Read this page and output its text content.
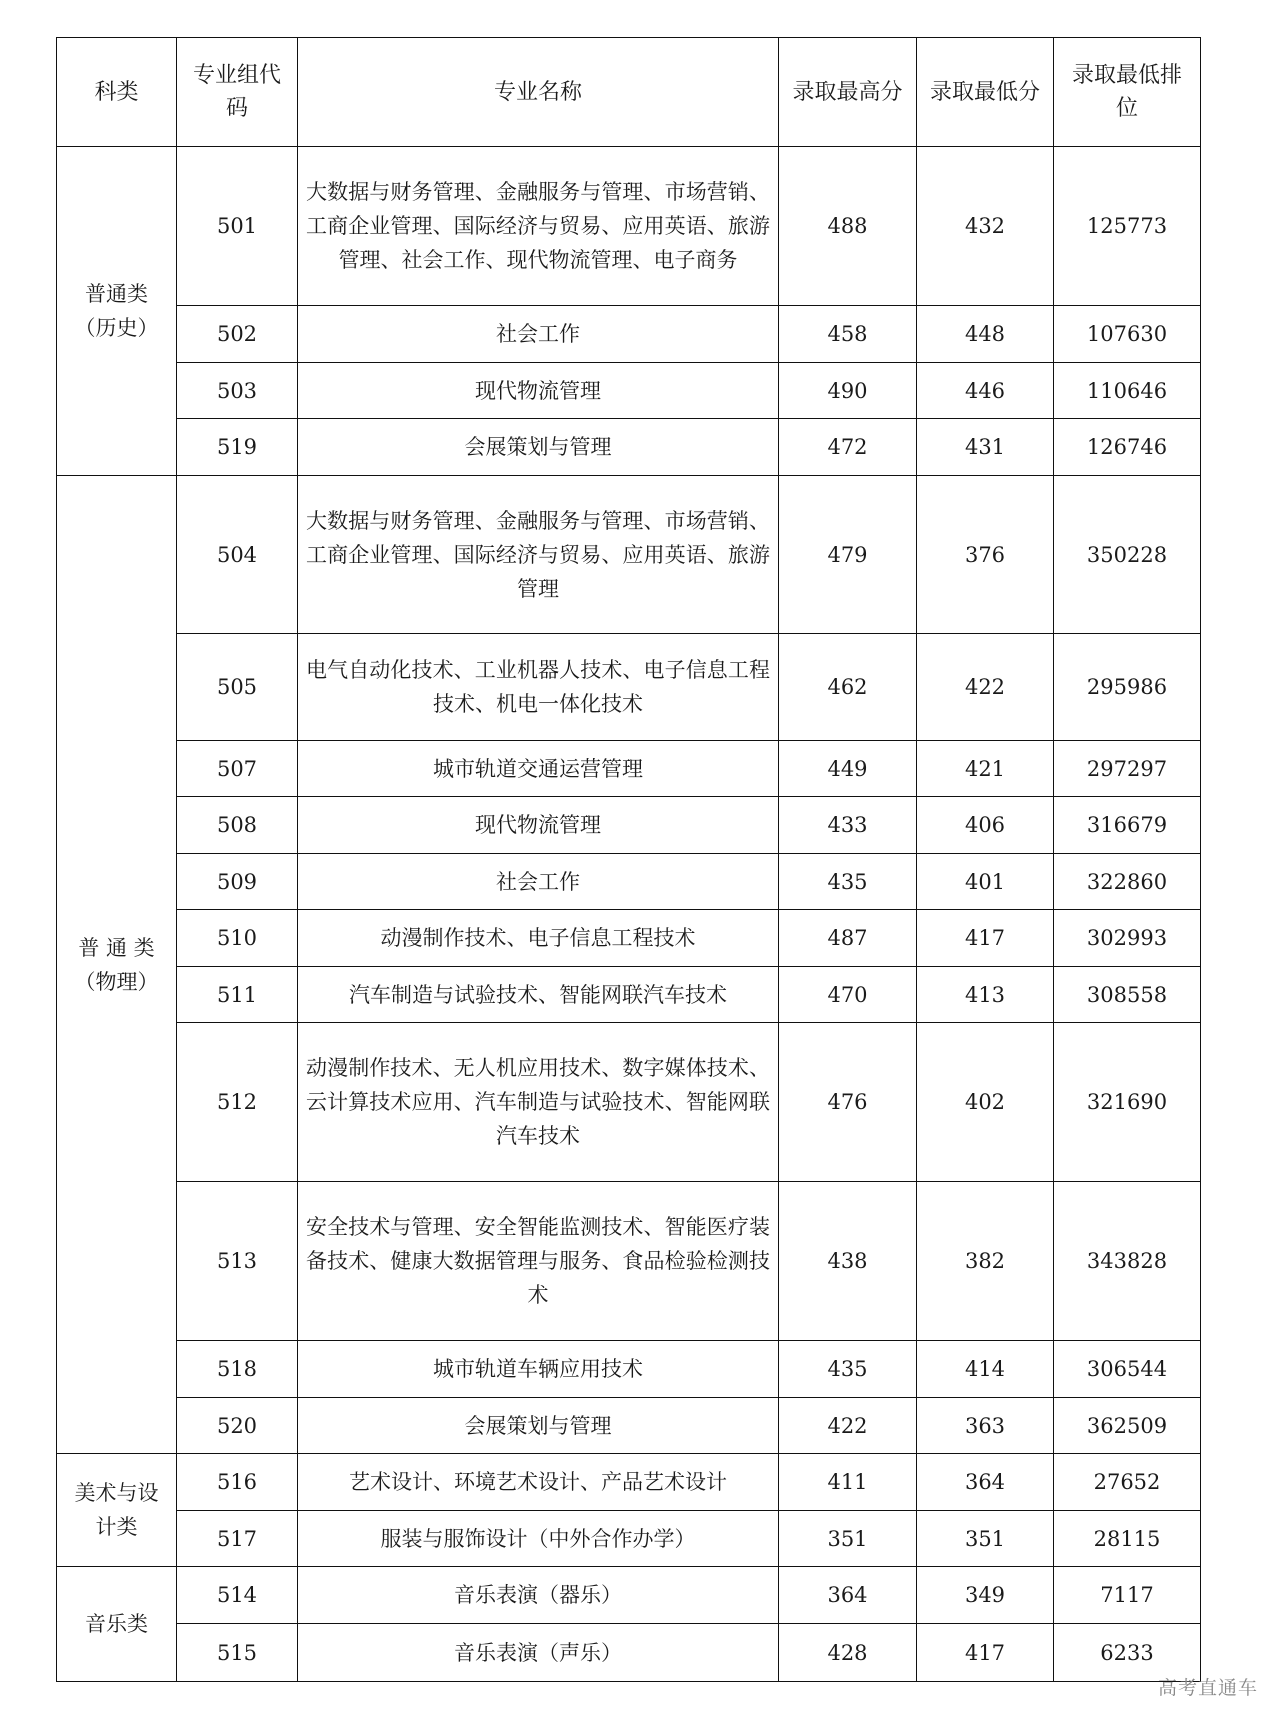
科类	专业组代码	专业名称	录取最高分	录取最低分	录取最低排位
普通类（历史）	501	大数据与财务管理、金融服务与管理、市场营销、工商企业管理、国际经济与贸易、应用英语、旅游管理、社会工作、现代物流管理、电子商务	488	432	125773
	502	社会工作	458	448	107630
	503	现代物流管理	490	446	110646
	519	会展策划与管理	472	431	126746
普 通 类（物理）	504	大数据与财务管理、金融服务与管理、市场营销、工商企业管理、国际经济与贸易、应用英语、旅游管理	479	376	350228
	505	电气自动化技术、工业机器人技术、电子信息工程技术、机电一体化技术	462	422	295986
	507	城市轨道交通运营管理	449	421	297297
	508	现代物流管理	433	406	316679
	509	社会工作	435	401	322860
	510	动漫制作技术、电子信息工程技术	487	417	302993
	511	汽车制造与试验技术、智能网联汽车技术	470	413	308558
	512	动漫制作技术、无人机应用技术、数字媒体技术、云计算技术应用、汽车制造与试验技术、智能网联汽车技术	476	402	321690
	513	安全技术与管理、安全智能监测技术、智能医疗装备技术、健康大数据管理与服务、食品检验检测技术	438	382	343828
	518	城市轨道车辆应用技术	435	414	306544
	520	会展策划与管理	422	363	362509
美术与设计类	516	艺术设计、环境艺术设计、产品艺术设计	411	364	27652
	517	服装与服饰设计（中外合作办学）	351	351	28115
音乐类	514	音乐表演（器乐）	364	349	7117
	515	音乐表演（声乐）	428	417	6233
高考直通车
